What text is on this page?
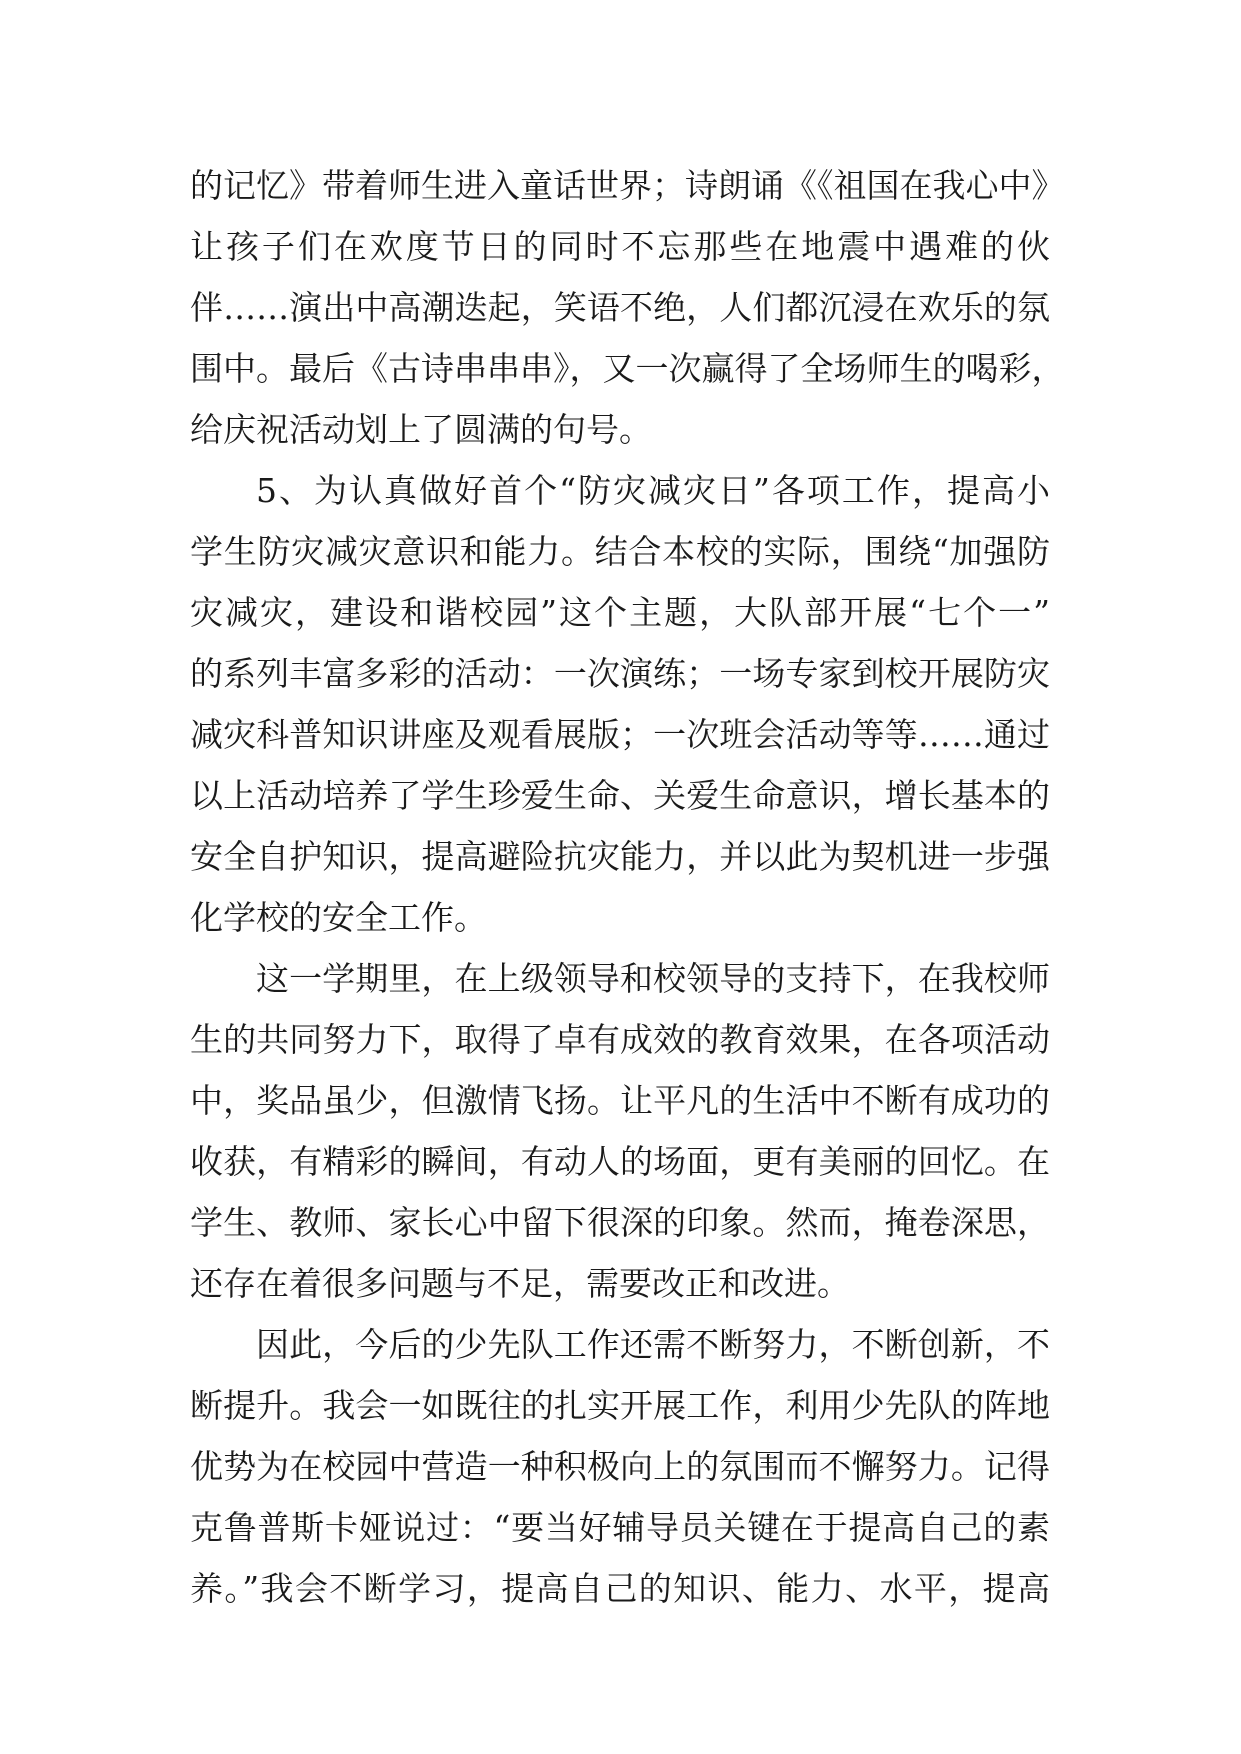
的记忆》带着师生进入童话世界；诗朗诵《《祖国在我心中》
让孩子们在欢度节日的同时不忘那些在地震中遇难的伙
伴……演出中高潮迭起，笑语不绝，人们都沉浸在欢乐的氛
围中。最后《古诗串串串》，又一次赢得了全场师生的喝彩，
给庆祝活动划上了圆满的句号。
5、为认真做好首个“防灾减灾日”各项工作，提高小
学生防灾减灾意识和能力。结合本校的实际，围绕“加强防
灾减灾，建设和谐校园”这个主题，大队部开展“七个一”
的系列丰富多彩的活动：一次演练；一场专家到校开展防灾
减灾科普知识讲座及观看展版；一次班会活动等等……通过
以上活动培养了学生珍爱生命、关爱生命意识，增长基本的
安全自护知识，提高避险抗灾能力，并以此为契机进一步强
化学校的安全工作。
这一学期里，在上级领导和校领导的支持下，在我校师
生的共同努力下，取得了卓有成效的教育效果，在各项活动
中，奖品虽少，但激情飞扬。让平凡的生活中不断有成功的
收获，有精彩的瞬间，有动人的场面，更有美丽的回忆。在
学生、教师、家长心中留下很深的印象。然而，掩卷深思，
还存在着很多问题与不足，需要改正和改进。
因此，今后的少先队工作还需不断努力，不断创新，不
断提升。我会一如既往的扎实开展工作，利用少先队的阵地
优势为在校园中营造一种积极向上的氛围而不懈努力。记得
克鲁普斯卡娅说过：“要当好辅导员关键在于提高自己的素
养。”我会不断学习，提高自己的知识、能力、水平，提高
